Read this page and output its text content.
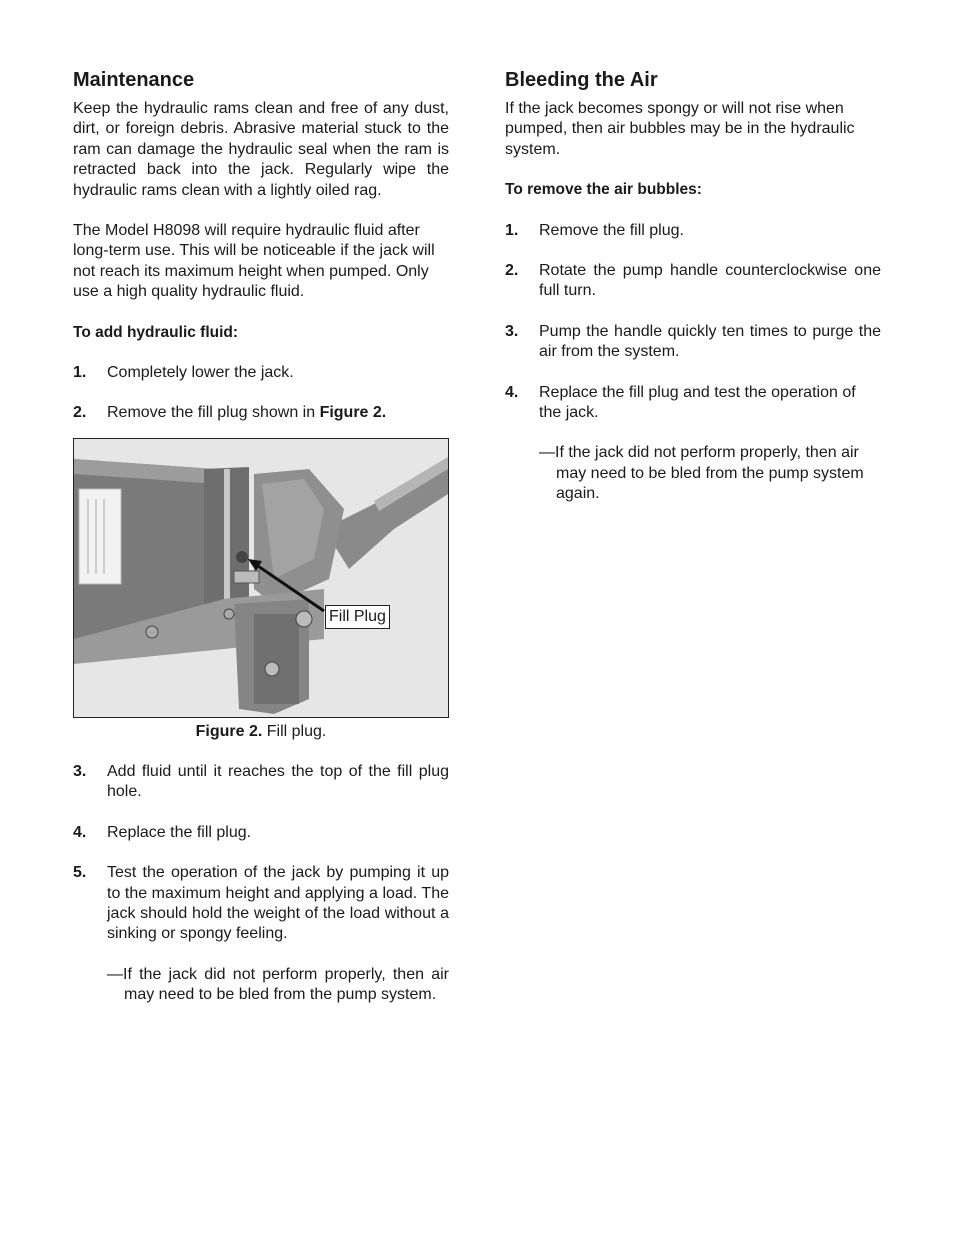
Maintenance

Keep the hydraulic rams clean and free of any dust, dirt, or foreign debris. Abrasive material stuck to the ram can damage the hydraulic seal when the ram is retracted back into the jack. Regularly wipe the hydraulic rams clean with a lightly oiled rag.

The Model H8098 will require hydraulic fluid after long-term use. This will be noticeable if the jack will not reach its maximum height when pumped. Only use a high quality hydraulic fluid.

To add hydraulic fluid:

1. Completely lower the jack.
2. Remove the fill plug shown in Figure 2.
Fill Plug
Figure 2. Fill plug.
3. Add fluid until it reaches the top of the fill plug hole.
4. Replace the fill plug.
5. Test the operation of the jack by pumping it up to the maximum height and applying a load. The jack should hold the weight of the load without a sinking or spongy feeling.

—If the jack did not perform properly, then air may need to be bled from the pump system.

Bleeding the Air

If the jack becomes spongy or will not rise when pumped, then air bubbles may be in the hydraulic system.

To remove the air bubbles:

1. Remove the fill plug.
2. Rotate the pump handle counterclockwise one full turn.
3. Pump the handle quickly ten times to purge the air from the system.
4. Replace the fill plug and test the operation of the jack.

—If the jack did not perform properly, then air may need to be bled from the pump system again.
